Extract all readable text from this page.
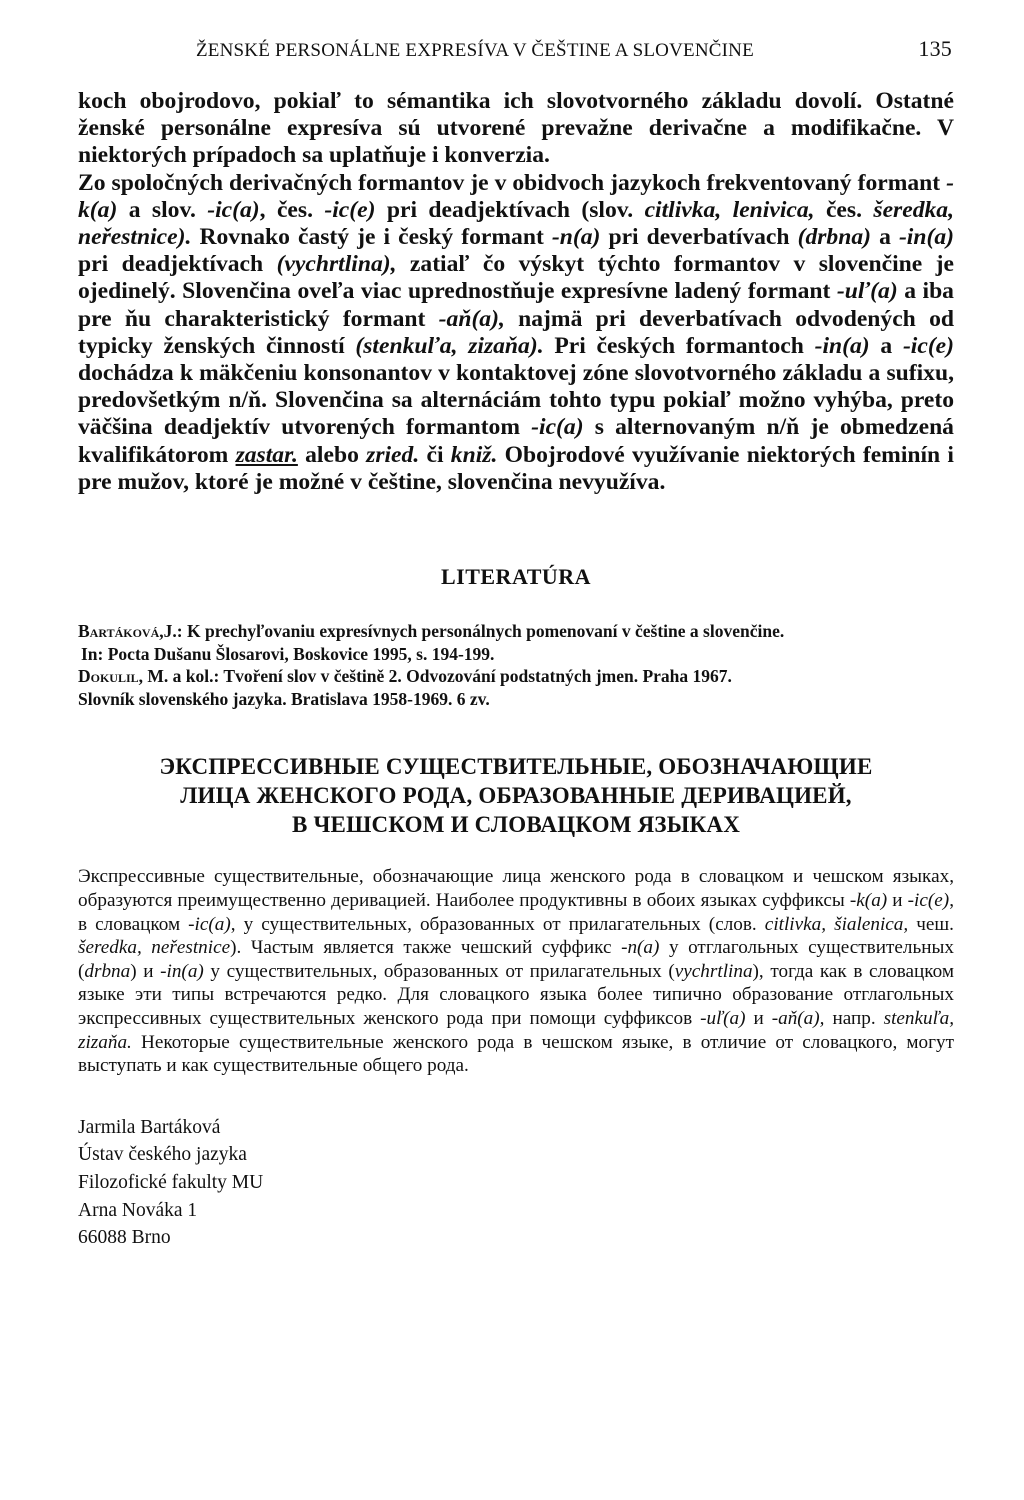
ŽENSKÉ PERSONÁLNE EXPRESÍVA V ČEŠTINE A SLOVENČINE	135

koch obojrodovo, pokiaľ to sémantika ich slovotvorného základu dovolí. Ostatné ženské personálne expresíva sú utvorené prevažne derivačne a modifikačne. V niektorých prípadoch sa uplatňuje i konverzia.

Zo spoločných derivačných formantov je v obidvoch jazykoch frekventovaný formant -k(a) a slov. -ic(a), čes. -ic(e) pri deadjektívach (slov. citlivka, lenivica, čes. šeredka, neřestnice). Rovnako častý je i český formant -n(a) pri deverbatívach (drbna) a -in(a) pri deadjektívach (vychrtlina), zatiaľ čo výskyt týchto formantov v slovenčine je ojedinelý. Slovenčina oveľa viac uprednostňuje expresívne ladený formant -uľ(a) a iba pre ňu charakteristický formant -aň(a), najmä pri deverbatívach odvodených od typicky ženských činností (stenkuľa, zizaňa). Pri českých formantoch -in(a) a -ic(e) dochádza k mäkčeniu konsonantov v kontaktovej zóne slovotvorného základu a sufixu, predovšetkým n/ň. Slovenčina sa alternáciám tohto typu pokiaľ možno vyhýba, preto väčšina deadjektív utvorených formantom -ic(a) s alternovaným n/ň je obmedzená kvalifikátorom zastar. alebo zried. či kniž. Obojrodové využívanie niektorých feminín i pre mužov, ktoré je možné v češtine, slovenčina nevyužíva.

LITERATÚRA
Bartáková,J.: K prechyľovaniu expresívnych personálnych pomenovaní v češtine a slovenčine.
In: Pocta Dušanu Šlosarovi, Boskovice 1995, s. 194-199.
Dokulil, M. a kol.: Tvoření slov v češtině 2. Odvozování podstatných jmen. Praha 1967.
Slovník slovenského jazyka. Bratislava 1958-1969. 6 zv.
ЭКСПРЕССИВНЫЕ СУЩЕСТВИТЕЛЬНЫЕ, ОБОЗНАЧАЮЩИЕ
ЛИЦА ЖЕНСКОГО РОДА, ОБРАЗОВАННЫЕ ДЕРИВАЦИЕЙ,
В ЧЕШСКОМ И СЛОВАЦКОМ ЯЗЫКАХ
Экспрессивные существительные, обозначающие лица женского рода в словацком и чешском языках, образуются преимущественно деривацией. Наиболее продуктивны в обоих языках суффиксы -k(a) и -ic(e), в словацком -ic(a), у существительных, образованных от прилагательных (слов. citlivka, šialenica, чеш. šeredka, neřestnice). Частым является также чешский суффикс -n(a) у отглагольных существительных (drbna) и -in(a) у существительных, образованных от прилагательных (vychrtlina), тогда как в словацком языке эти типы встречаются редко. Для словацкого языка более типично образование отглагольных экспрессивных существительных женского рода при помощи суффиксов -uľ(a) и -aň(a), напр. stenkuľa, zizaňa. Некоторые существительные женского рода в чешском языке, в отличие от словацкого, могут выступать и как существительные общего рода.
Jarmila Bartáková
Ústav českého jazyka
Filozofické fakulty MU
Arna Nováka 1
66088 Brno
